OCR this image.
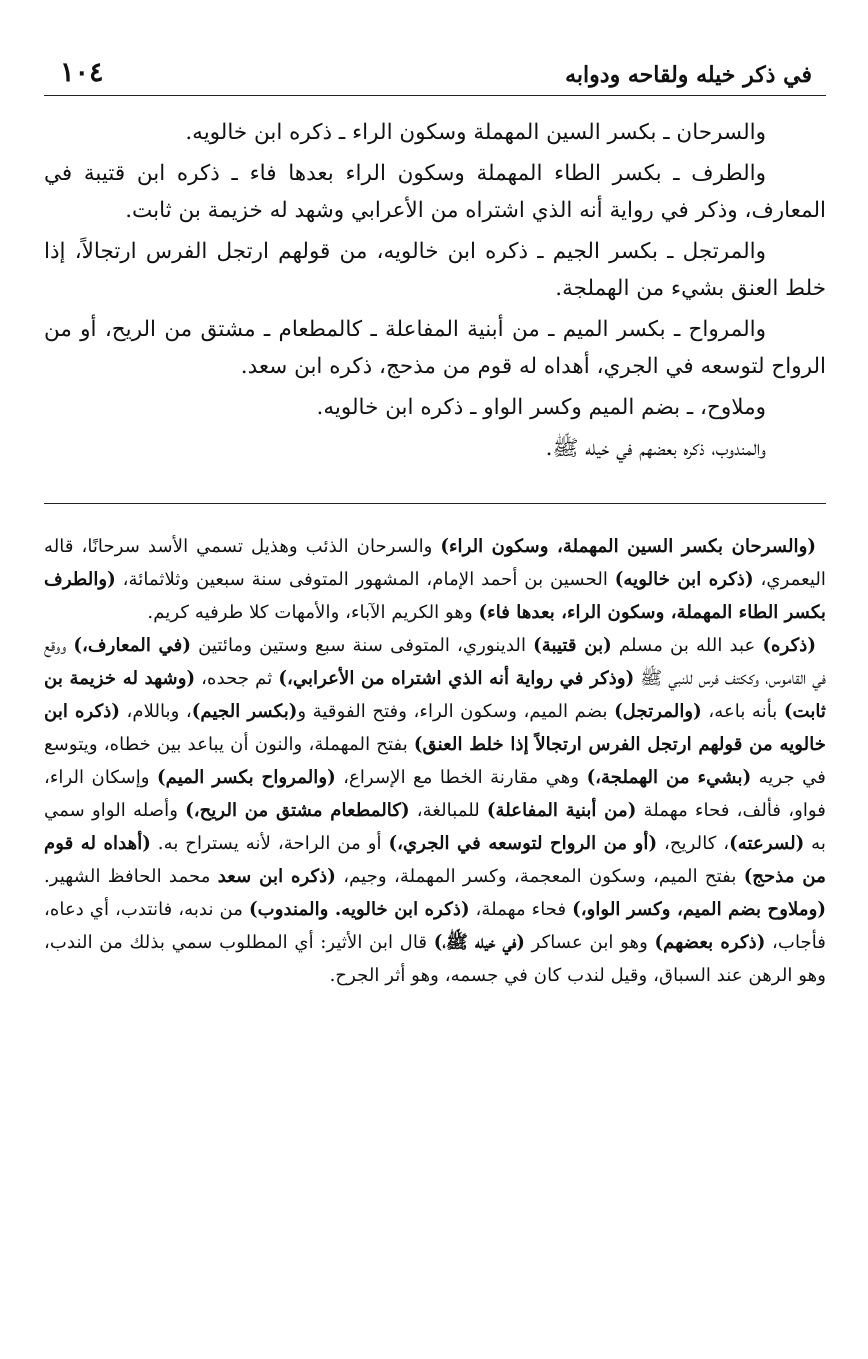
في ذكر خيله ولقاحه ودوابه
١٠٤

والسرحان ـ بكسر السين المهملة وسكون الراء ـ ذكره ابن خالويه.

والطرف ـ بكسر الطاء المهملة وسكون الراء بعدها فاء ـ ذكره ابن قتيبة في المعارف، وذكر في رواية أنه الذي اشتراه من الأعرابي وشهد له خزيمة بن ثابت.

والمرتجل ـ بكسر الجيم ـ ذكره ابن خالويه، من قولهم ارتجل الفرس ارتجالاً، إذا خلط العنق بشيء من الهملجة.

والمرواح ـ بكسر الميم ـ من أبنية المفاعلة ـ كالمطعام ـ مشتق من الريح، أو من الرواح لتوسعه في الجري، أهداه له قوم من مذحج، ذكره ابن سعد.

وملاوح، ـ بضم الميم وكسر الواو ـ ذكره ابن خالويه.

والمندوب، ذكره بعضهم في خيله ﷺ.

(والسرحان بكسر السين المهملة، وسكون الراء) والسرحان الذئب وهذيل تسمي الأسد سرحانًا، قاله اليعمري، (ذكره ابن خالويه) الحسين بن أحمد الإمام، المشهور المتوفى سنة سبعين وثلاثمائة، (والطرف بكسر الطاء المهملة، وسكون الراء، بعدها فاء) وهو الكريم الآباء، والأمهات كلا طرفيه كريم.

(ذكره) عبد الله بن مسلم (بن قتيبة) الدينوري، المتوفى سنة سبع وستين ومائتين (في المعارف،) ووقع في القاموس، وككتف فرس للنبي ﷺ (وذكر في رواية أنه الذي اشتراه من الأعرابي،) ثم جحده، (وشهد له خزيمة بن ثابت) بأنه باعه، (والمرتجل) بضم الميم، وسكون الراء، وفتح الفوقية و(بكسر الجيم)، وباللام، (ذكره ابن خالويه من قولهم ارتجل الفرس ارتجالاً إذا خلط العنق) بفتح المهملة، والنون أن يباعد بين خطاه، ويتوسع في جريه (بشيء من الهملجة،) وهي مقارنة الخطا مع الإسراع، (والمرواح بكسر الميم) وإسكان الراء، فواو، فألف، فحاء مهملة (من أبنية المفاعلة) للمبالغة، (كالمطعام مشتق من الريح،) وأصله الواو سمي به (لسرعته)، كالريح، (أو من الرواح لتوسعه في الجري،) أو من الراحة، لأنه يستراح به. (أهداه له قوم من مذحج) بفتح الميم، وسكون المعجمة، وكسر المهملة، وجيم، (ذكره ابن سعد محمد الحافظ الشهير. (وملاوح بضم الميم، وكسر الواو،) فحاء مهملة، (ذكره ابن خالويه. والمندوب) من ندبه، فانتدب، أي دعاه، فأجاب، (ذكره بعضهم) وهو ابن عساكر (في خيله ﷺ،) قال ابن الأثير: أي المطلوب سمي بذلك من الندب، وهو الرهن عند السباق، وقيل لندب كان في جسمه، وهو أثر الجرح.
